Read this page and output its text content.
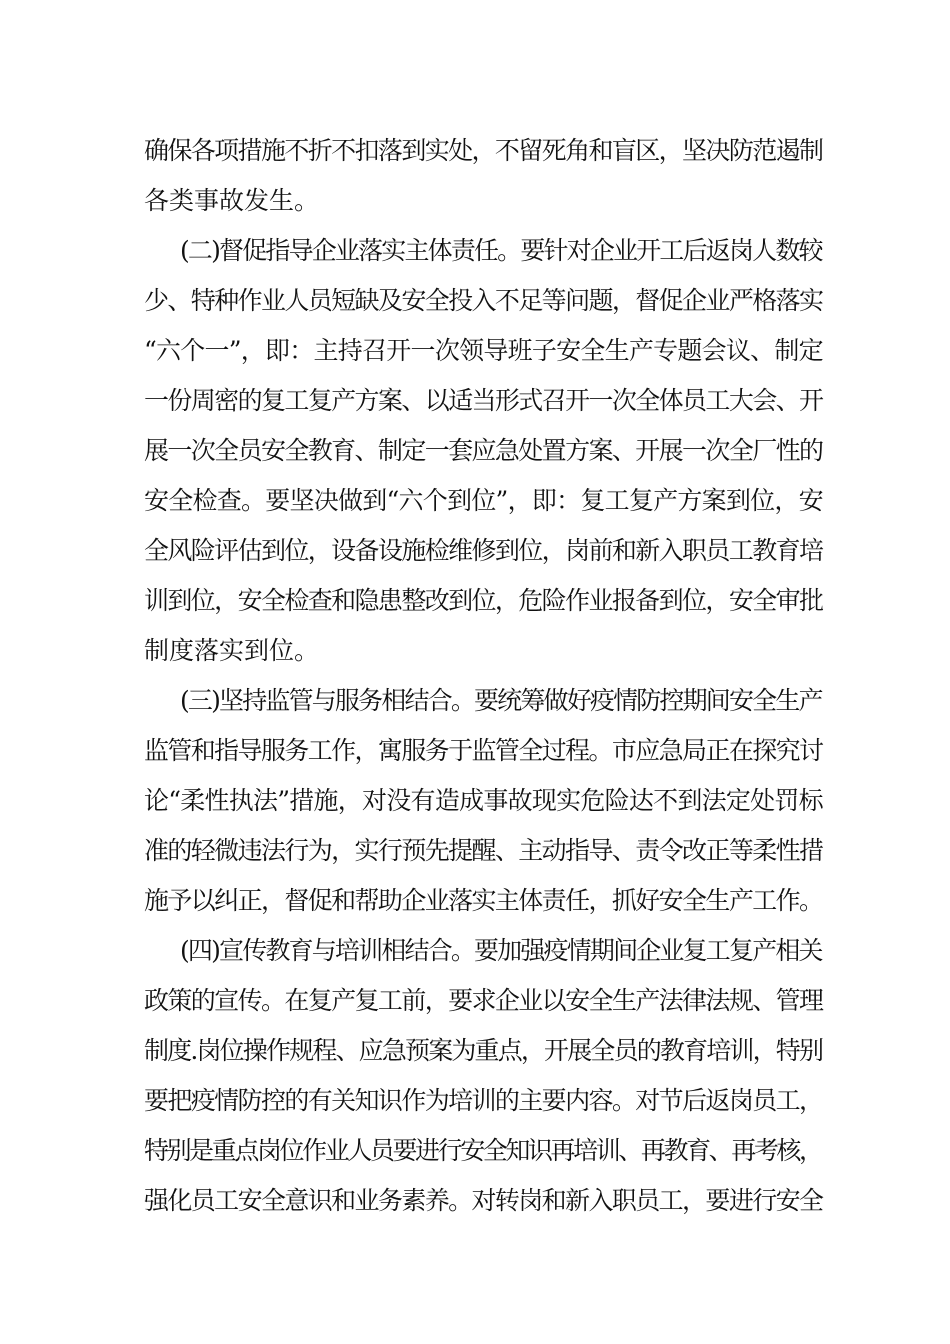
确保各项措施不折不扣落到实处，不留死角和盲区，坚决防范遏制
各类事故发生。
(二)督促指导企业落实主体责任。要针对企业开工后返岗人数较
少、特种作业人员短缺及安全投入不足等问题，督促企业严格落实
“六个一”，即：主持召开一次领导班子安全生产专题会议、制定
一份周密的复工复产方案、以适当形式召开一次全体员工大会、开
展一次全员安全教育、制定一套应急处置方案、开展一次全厂性的
安全检查。要坚决做到“六个到位”，即：复工复产方案到位，安
全风险评估到位，设备设施检维修到位，岗前和新入职员工教育培
训到位，安全检查和隐患整改到位，危险作业报备到位，安全审批
制度落实到位。
(三)坚持监管与服务相结合。要统筹做好疫情防控期间安全生产
监管和指导服务工作，寓服务于监管全过程。市应急局正在探究讨
论“柔性执法”措施，对没有造成事故现实危险达不到法定处罚标
准的轻微违法行为，实行预先提醒、主动指导、责令改正等柔性措
施予以纠正，督促和帮助企业落实主体责任，抓好安全生产工作。
(四)宣传教育与培训相结合。要加强疫情期间企业复工复产相关
政策的宣传。在复产复工前，要求企业以安全生产法律法规、管理
制度.岗位操作规程、应急预案为重点，开展全员的教育培训，特别
要把疫情防控的有关知识作为培训的主要内容。对节后返岗员工，
特别是重点岗位作业人员要进行安全知识再培训、再教育、再考核，
强化员工安全意识和业务素养。对转岗和新入职员工，要进行安全
